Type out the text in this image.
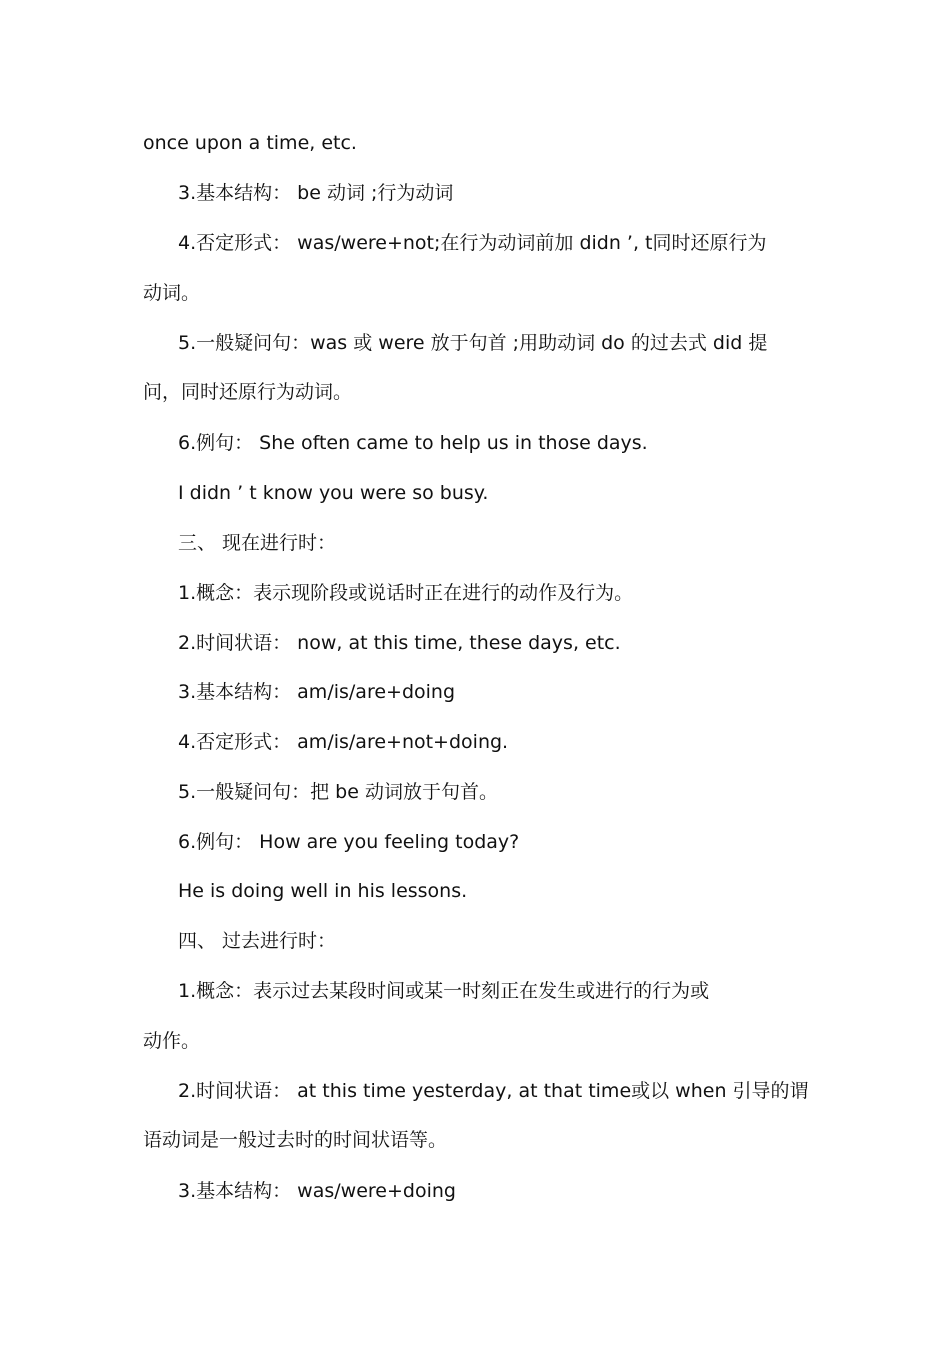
once upon a time, etc.
3.基本结构： be 动词 ;行为动词
4.否定形式： was/were+not;在行为动词前加 didn ’, t同时还原行为
动词。
5.一般疑问句：was 或 were 放于句首 ;用助动词 do 的过去式 did 提
问，同时还原行为动词。
6.例句： She often came to help us in those days.
I didn ’ t know you were so busy.
三、 现在进行时：
1.概念：表示现阶段或说话时正在进行的动作及行为。
2.时间状语： now, at this time, these days, etc.
3.基本结构： am/is/are+doing
4.否定形式： am/is/are+not+doing.
5.一般疑问句：把 be 动词放于句首。
6.例句： How are you feeling today?
He is doing well in his lessons.
四、 过去进行时：
1.概念：表示过去某段时间或某一时刻正在发生或进行的行为或
动作。
2.时间状语： at this time yesterday, at that time或以 when 引导的谓
语动词是一般过去时的时间状语等。
3.基本结构： was/were+doing
